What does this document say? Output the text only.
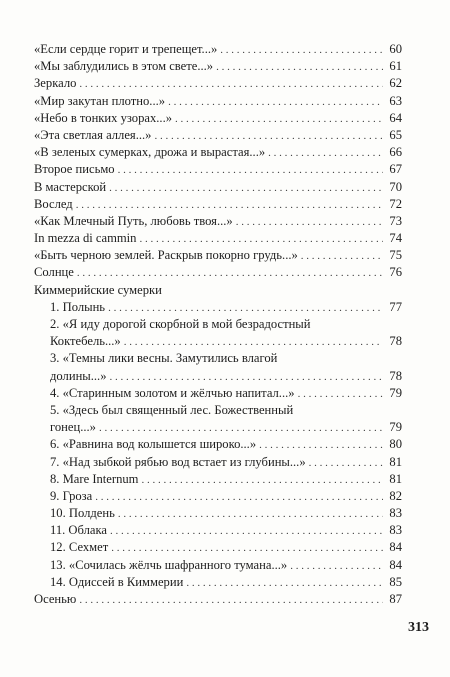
«Если сердце горит и трепещет...» . . .	60
«Мы заблудились в этом свете...» . . .	61
Зеркало . . .	62
«Мир закутан плотно...» . . .	63
«Небо в тонких узорах...» . . .	64
«Эта светлая аллея...» . . .	65
«В зеленых сумерках, дрожа и вырастая...» . . .	66
Второе письмо . . .	67
В мастерской . . .	70
Вослед . . .	72
«Как Млечный Путь, любовь твоя...» . . .	73
In mezza di cammin . . .	74
«Быть черною землей. Раскрыв покорно грудь...» . . .	75
Солнце . . .	76
Киммерийские сумерки
1. Полынь . . .	77
2. «Я иду дорогой скорбной в мой безрадостный
Коктебель...» . . .	78
3. «Темны лики весны. Замутились влагой
долины...» . . .	78
4. «Старинным золотом и жёлчью напитал...» . . .	79
5. «Здесь был священный лес. Божественный
гонец...» . . .	79
6. «Равнина вод колышется широко...» . . .	80
7. «Над зыбкой рябью вод встает из глубины...» . . .	81
8. Mare Internum . . .	81
9. Гроза . . .	82
10. Полдень . . .	83
11. Облака . . .	83
12. Сехмет . . .	84
13. «Сочилась жёлчь шафранного тумана...» . . .	84
14. Одиссей в Киммерии . . .	85
Осенью . . .	87
313
